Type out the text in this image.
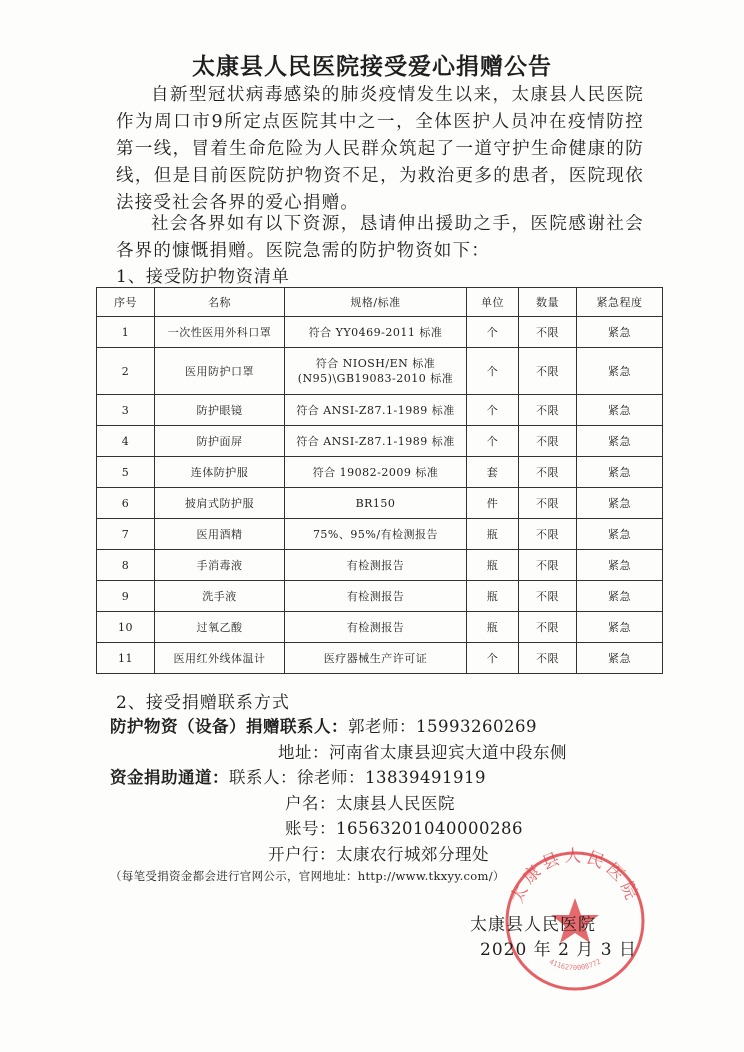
太康县人民医院接受爱心捐赠公告

自新型冠状病毒感染的肺炎疫情发生以来，太康县人民医院作为周口市9所定点医院其中之一，全体医护人员冲在疫情防控第一线，冒着生命危险为人民群众筑起了一道守护生命健康的防线，但是目前医院防护物资不足，为救治更多的患者，医院现依法接受社会各界的爱心捐赠。

社会各界如有以下资源，恳请伸出援助之手，医院感谢社会各界的慷慨捐赠。医院急需的防护物资如下：

1、接受防护物资清单
序号	名称	规格/标准	单位	数量	紧急程度
1	一次性医用外科口罩	符合 YY0469-2011 标准	个	不限	紧急
2	医用防护口罩	符合 NIOSH/EN 标准
(N95)\GB19083-2010 标准	个	不限	紧急
3	防护眼镜	符合 ANSI-Z87.1-1989 标准	个	不限	紧急
4	防护面屏	符合 ANSI-Z87.1-1989 标准	个	不限	紧急
5	连体防护服	符合 19082-2009 标准	套	不限	紧急
6	披肩式防护服	BR150	件	不限	紧急
7	医用酒精	75%、95%/有检测报告	瓶	不限	紧急
8	手消毒液	有检测报告	瓶	不限	紧急
9	洗手液	有检测报告	瓶	不限	紧急
10	过氧乙酸	有检测报告	瓶	不限	紧急
11	医用红外线体温计	医疗器械生产许可证	个	不限	紧急
2、接受捐赠联系方式
防护物资（设备）捐赠联系人：郭老师：15993260269
地址：河南省太康县迎宾大道中段东侧
资金捐助通道：联系人：徐老师：13839491919
户名：太康县人民医院
账号：16563201040000286
开户行：太康农行城郊分理处
（每笔受捐资金都会进行官网公示，官网地址：http://www.tkxyy.com/）
太康县人民医院
4116270008772
太康县人民医院
2020 年 2 月 3 日
